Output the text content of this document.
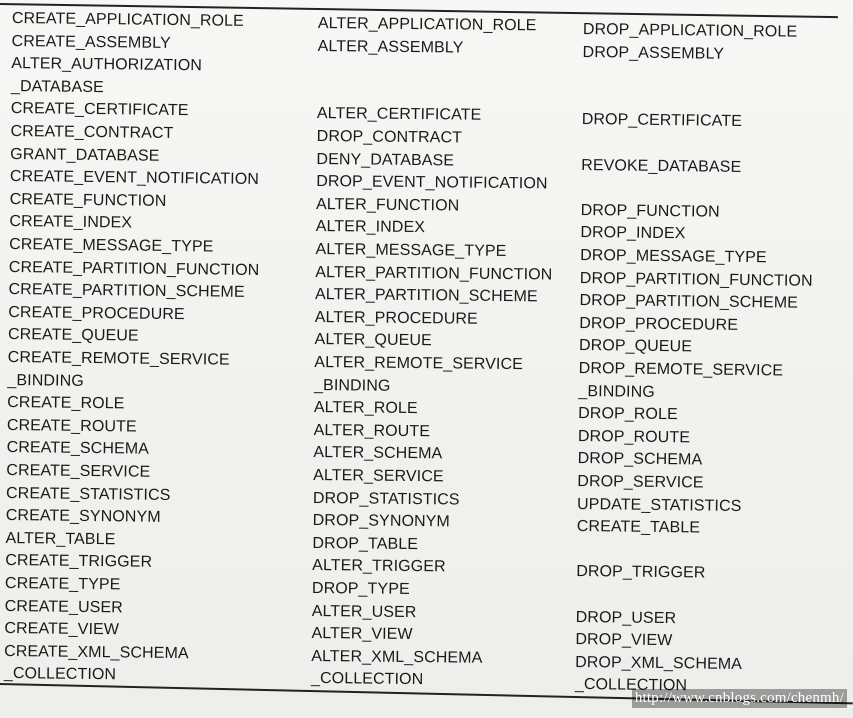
CREATE_APPLICATION_ROLE
CREATE_ASSEMBLY
ALTER_AUTHORIZATION
_DATABASE
CREATE_CERTIFICATE
CREATE_CONTRACT
GRANT_DATABASE
CREATE_EVENT_NOTIFICATION
CREATE_FUNCTION
CREATE_INDEX
CREATE_MESSAGE_TYPE
CREATE_PARTITION_FUNCTION
CREATE_PARTITION_SCHEME
CREATE_PROCEDURE
CREATE_QUEUE
CREATE_REMOTE_SERVICE
_BINDING
CREATE_ROLE
CREATE_ROUTE
CREATE_SCHEMA
CREATE_SERVICE
CREATE_STATISTICS
CREATE_SYNONYM
ALTER_TABLE
CREATE_TRIGGER
CREATE_TYPE
CREATE_USER
CREATE_VIEW
CREATE_XML_SCHEMA
_COLLECTION
ALTER_APPLICATION_ROLE
ALTER_ASSEMBLY
ALTER_CERTIFICATE
DROP_CONTRACT
DENY_DATABASE
DROP_EVENT_NOTIFICATION
ALTER_FUNCTION
ALTER_INDEX
ALTER_MESSAGE_TYPE
ALTER_PARTITION_FUNCTION
ALTER_PARTITION_SCHEME
ALTER_PROCEDURE
ALTER_QUEUE
ALTER_REMOTE_SERVICE
_BINDING
ALTER_ROLE
ALTER_ROUTE
ALTER_SCHEMA
ALTER_SERVICE
DROP_STATISTICS
DROP_SYNONYM
DROP_TABLE
ALTER_TRIGGER
DROP_TYPE
ALTER_USER
ALTER_VIEW
ALTER_XML_SCHEMA
_COLLECTION
DROP_APPLICATION_ROLE
DROP_ASSEMBLY
DROP_CERTIFICATE
REVOKE_DATABASE
DROP_FUNCTION
DROP_INDEX
DROP_MESSAGE_TYPE
DROP_PARTITION_FUNCTION
DROP_PARTITION_SCHEME
DROP_PROCEDURE
DROP_QUEUE
DROP_REMOTE_SERVICE
_BINDING
DROP_ROLE
DROP_ROUTE
DROP_SCHEMA
DROP_SERVICE
UPDATE_STATISTICS
CREATE_TABLE
DROP_TRIGGER
DROP_USER
DROP_VIEW
DROP_XML_SCHEMA
_COLLECTION
http://www.cnblogs.com/chenmh/
